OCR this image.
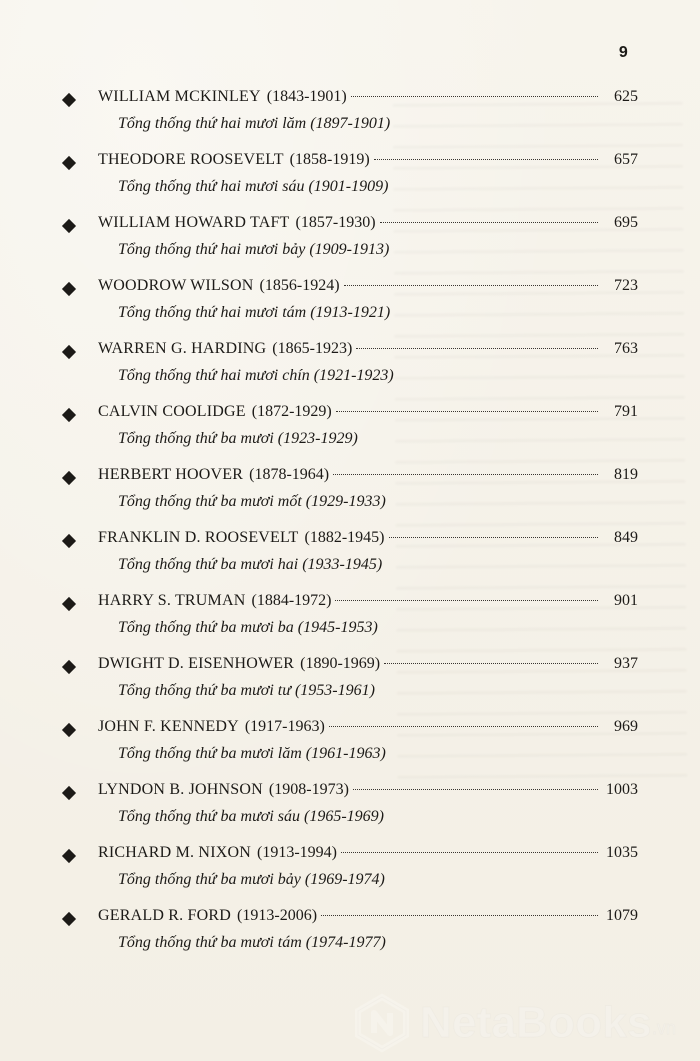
9
WILLIAM MCKINLEY (1843-1901)	625
Tổng thống thứ hai mươi lăm (1897-1901)
THEODORE ROOSEVELT (1858-1919)	657
Tổng thống thứ hai mươi sáu (1901-1909)
WILLIAM HOWARD TAFT (1857-1930)	695
Tổng thống thứ hai mươi bảy (1909-1913)
WOODROW WILSON (1856-1924)	723
Tổng thống thứ hai mươi tám (1913-1921)
WARREN G. HARDING (1865-1923)	763
Tổng thống thứ hai mươi chín (1921-1923)
CALVIN COOLIDGE (1872-1929)	791
Tổng thống thứ ba mươi (1923-1929)
HERBERT HOOVER (1878-1964)	819
Tổng thống thứ ba mươi mốt (1929-1933)
FRANKLIN D. ROOSEVELT (1882-1945)	849
Tổng thống thứ ba mươi hai (1933-1945)
HARRY S. TRUMAN (1884-1972)	901
Tổng thống thứ ba mươi ba (1945-1953)
DWIGHT D. EISENHOWER (1890-1969)	937
Tổng thống thứ ba mươi tư (1953-1961)
JOHN F. KENNEDY (1917-1963)	969
Tổng thống thứ ba mươi lăm (1961-1963)
LYNDON B. JOHNSON (1908-1973)	1003
Tổng thống thứ ba mươi sáu (1965-1969)
RICHARD M. NIXON (1913-1994)	1035
Tổng thống thứ ba mươi bảy (1969-1974)
GERALD R. FORD (1913-2006)	1079
Tổng thống thứ ba mươi tám (1974-1977)
NetaBooks .vn
